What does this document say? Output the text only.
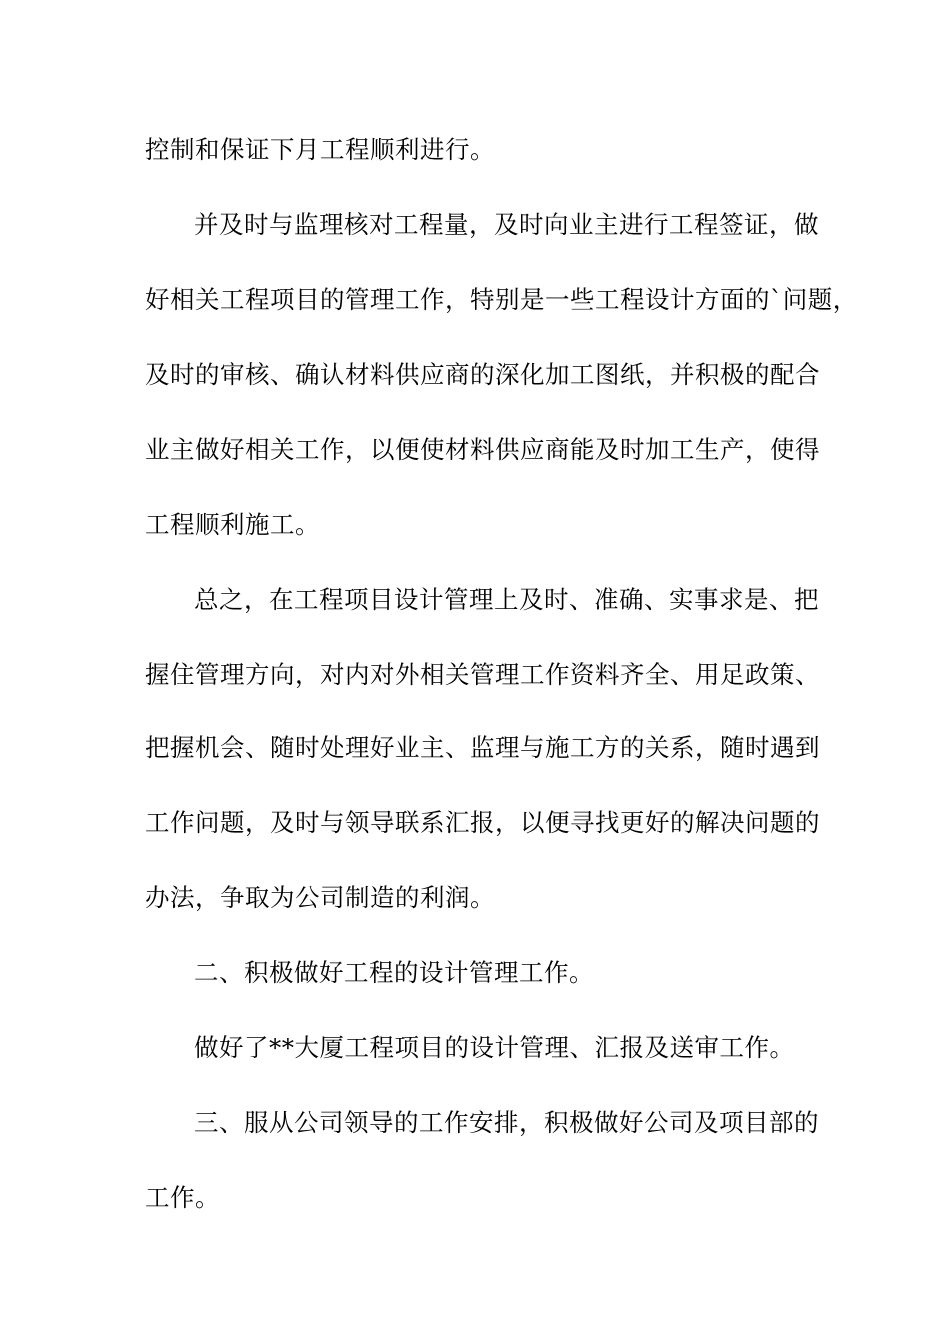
控制和保证下月工程顺利进行。
并及时与监理核对工程量，及时向业主进行工程签证，做
好相关工程项目的管理工作，特别是一些工程设计方面的`问题，
及时的审核、确认材料供应商的深化加工图纸，并积极的配合
业主做好相关工作，以便使材料供应商能及时加工生产，使得
工程顺利施工。
总之，在工程项目设计管理上及时、准确、实事求是、把
握住管理方向，对内对外相关管理工作资料齐全、用足政策、
把握机会、随时处理好业主、监理与施工方的关系，随时遇到
工作问题，及时与领导联系汇报，以便寻找更好的解决问题的
办法，争取为公司制造的利润。
二、积极做好工程的设计管理工作。
做好了**大厦工程项目的设计管理、汇报及送审工作。
三、服从公司领导的工作安排，积极做好公司及项目部的
工作。
